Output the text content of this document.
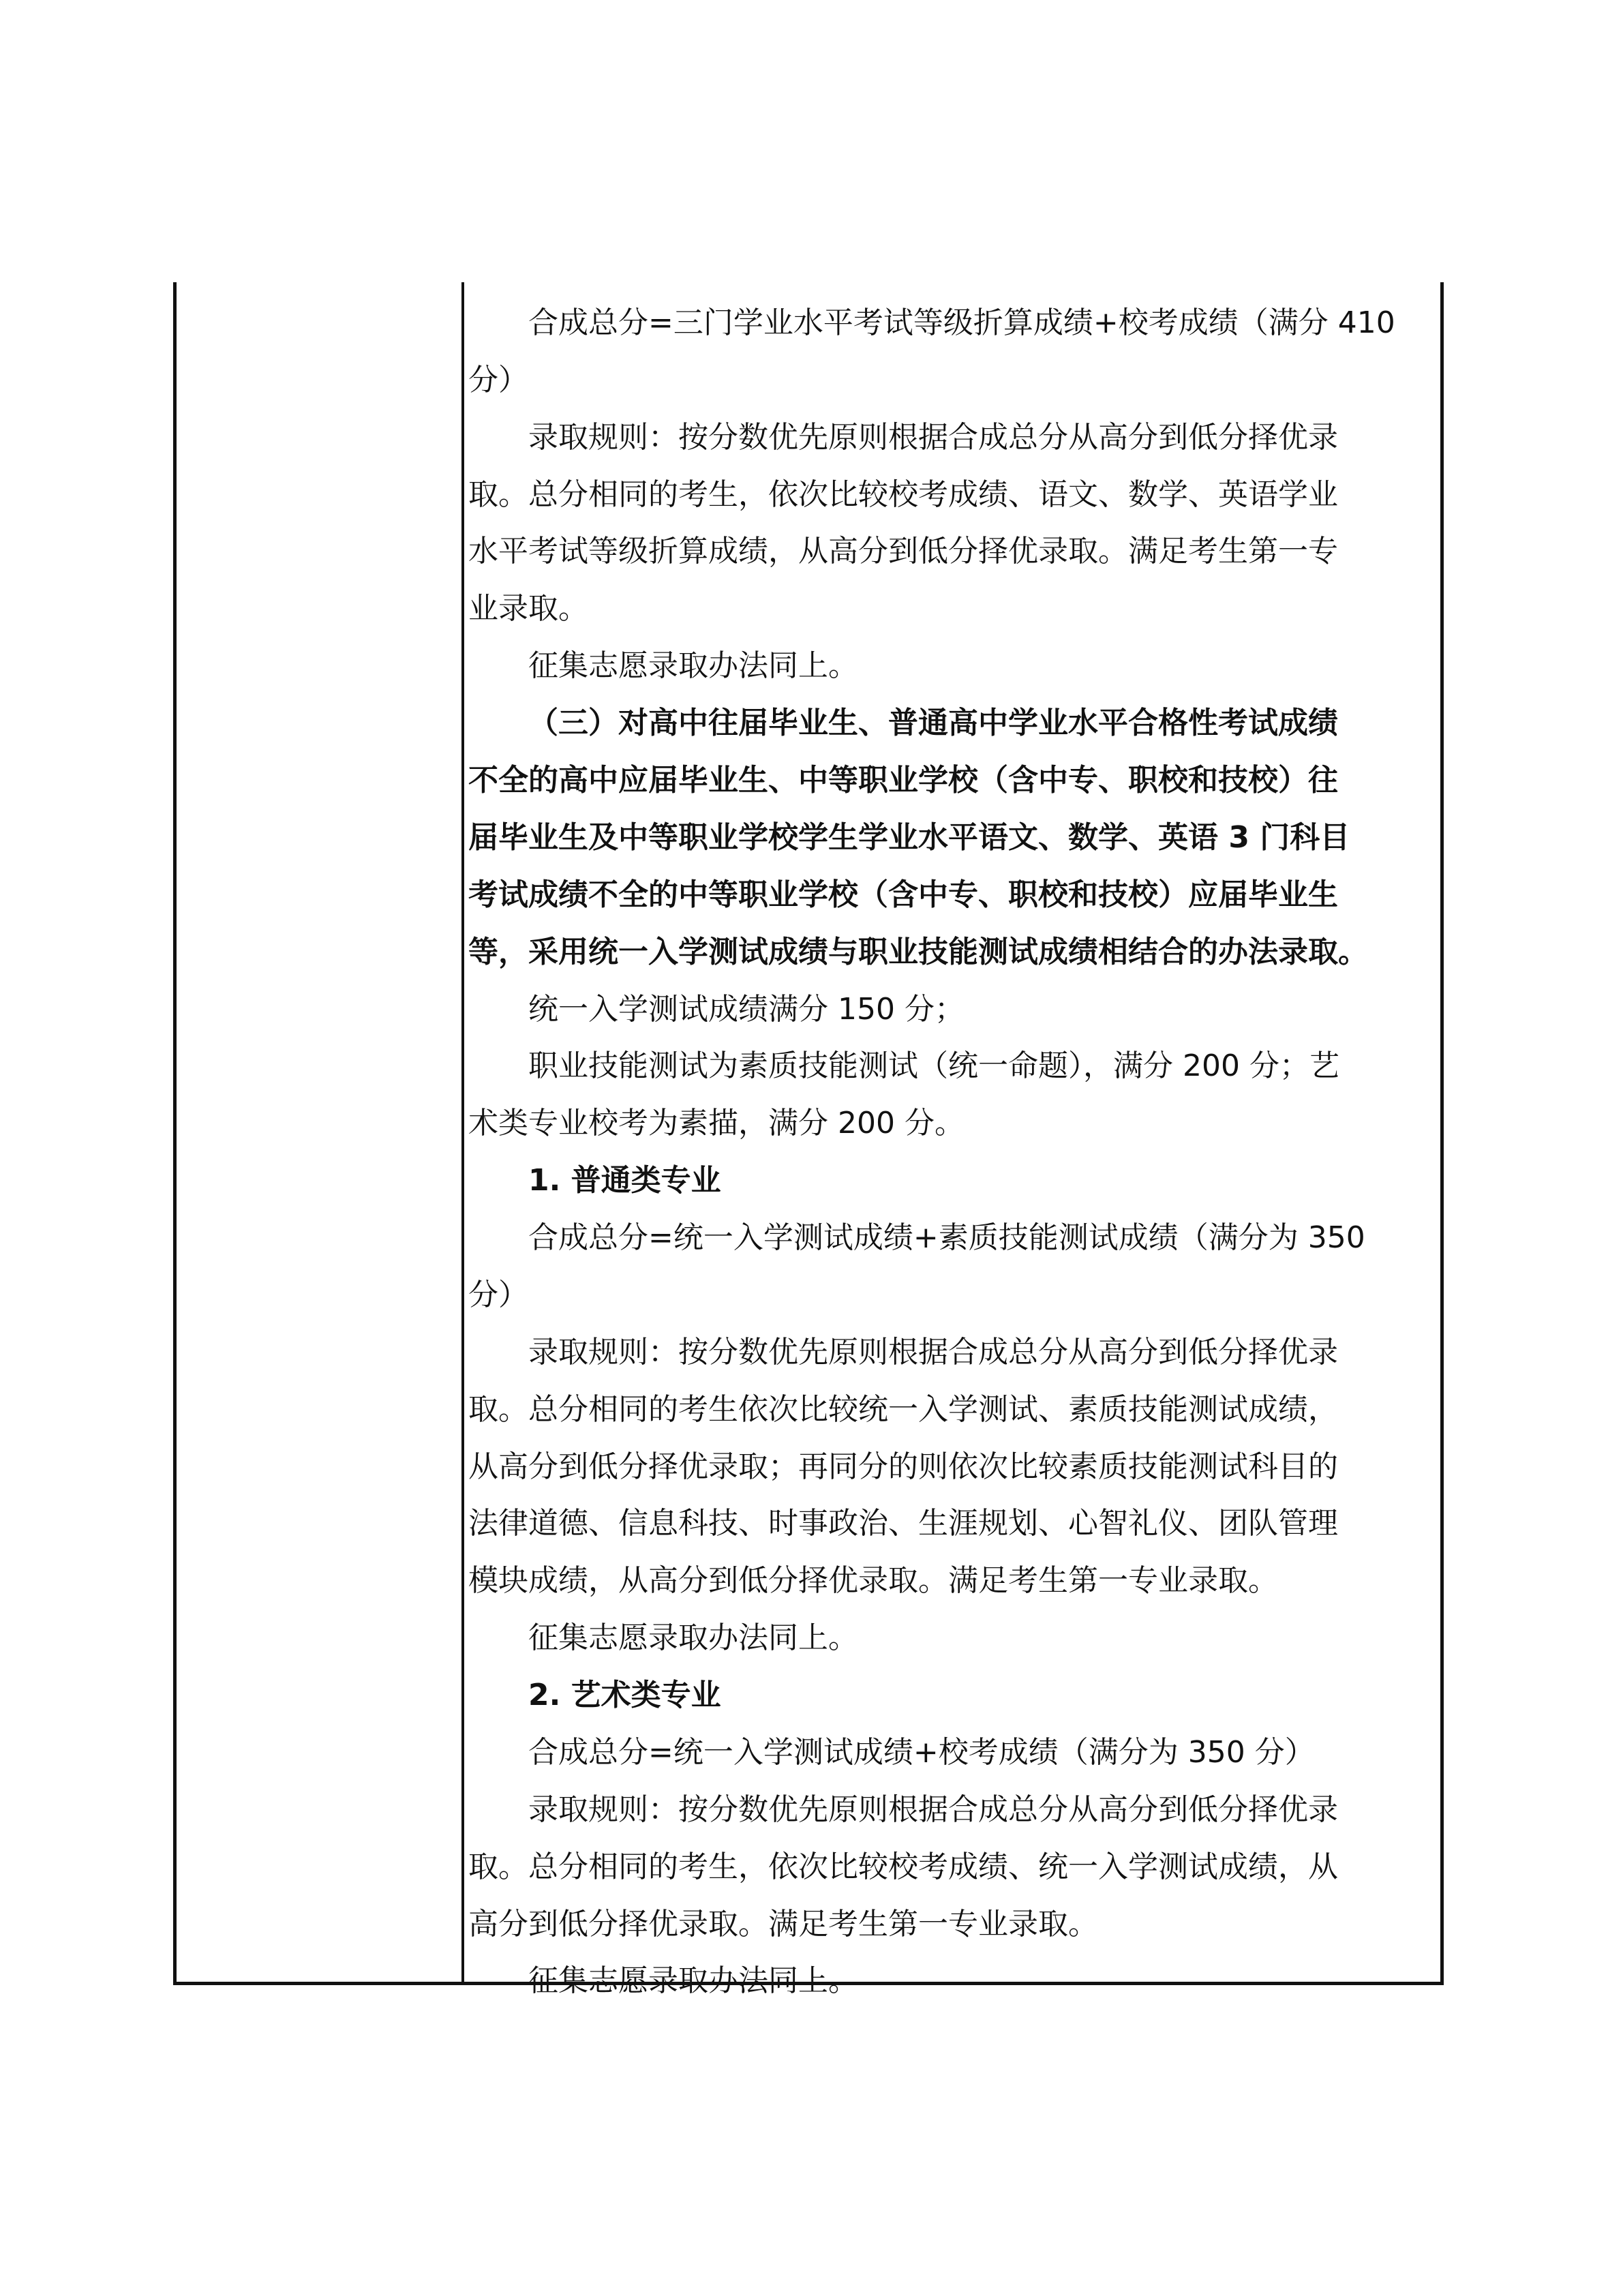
合成总分=三门学业水平考试等级折算成绩+校考成绩（满分 410
分）
录取规则：按分数优先原则根据合成总分从高分到低分择优录
取。总分相同的考生，依次比较校考成绩、语文、数学、英语学业
水平考试等级折算成绩，从高分到低分择优录取。满足考生第一专
业录取。
征集志愿录取办法同上。
（三）对高中往届毕业生、普通高中学业水平合格性考试成绩
不全的高中应届毕业生、中等职业学校（含中专、职校和技校）往
届毕业生及中等职业学校学生学业水平语文、数学、英语 3 门科目
考试成绩不全的中等职业学校（含中专、职校和技校）应届毕业生
等，采用统一入学测试成绩与职业技能测试成绩相结合的办法录取。
统一入学测试成绩满分 150 分；
职业技能测试为素质技能测试（统一命题），满分 200 分；艺
术类专业校考为素描，满分 200 分。
1. 普通类专业
合成总分=统一入学测试成绩+素质技能测试成绩（满分为 350
分）
录取规则：按分数优先原则根据合成总分从高分到低分择优录
取。总分相同的考生依次比较统一入学测试、素质技能测试成绩，
从高分到低分择优录取；再同分的则依次比较素质技能测试科目的
法律道德、信息科技、时事政治、生涯规划、心智礼仪、团队管理
模块成绩，从高分到低分择优录取。满足考生第一专业录取。
征集志愿录取办法同上。
2. 艺术类专业
合成总分=统一入学测试成绩+校考成绩（满分为 350 分）
录取规则：按分数优先原则根据合成总分从高分到低分择优录
取。总分相同的考生，依次比较校考成绩、统一入学测试成绩，从
高分到低分择优录取。满足考生第一专业录取。
征集志愿录取办法同上。
